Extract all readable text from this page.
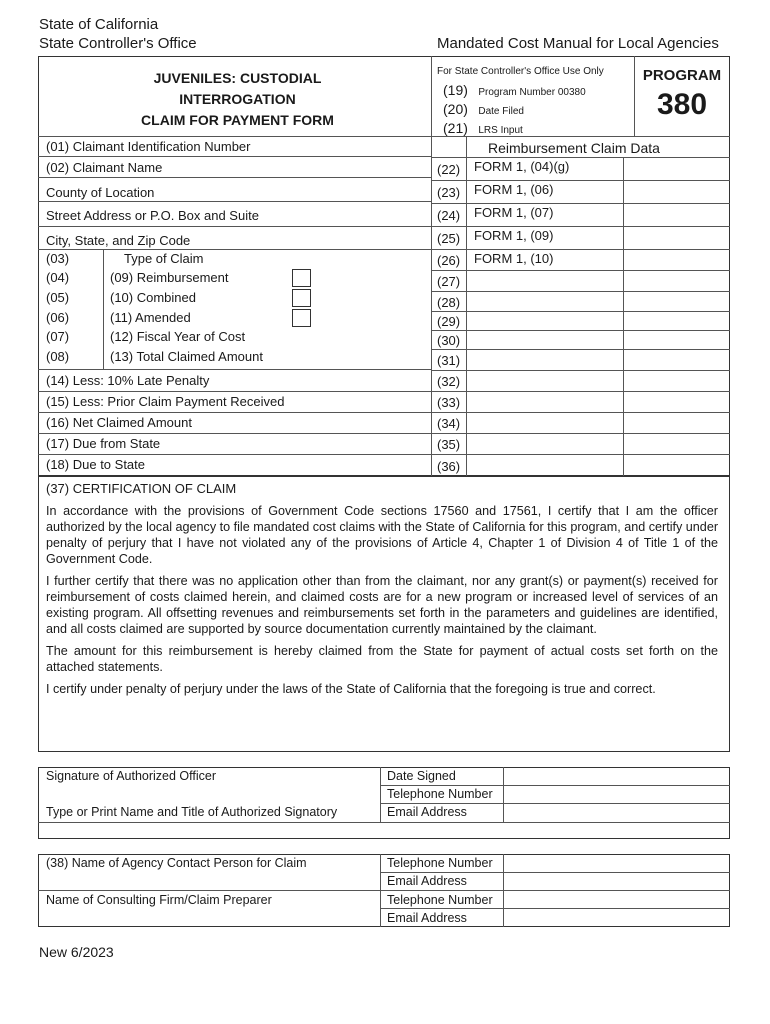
State of California
State Controller's Office	Mandated Cost Manual for Local Agencies
JUVENILES: CUSTODIAL
INTERROGATION
CLAIM FOR PAYMENT FORM
For State Controller's Office Use Only
(19) Program Number 00380
(20) Date Filed
(21) LRS Input
PROGRAM
380
Reimbursement Claim Data
(22) FORM 1, (04)(g)
(23) FORM 1, (06)
(24) FORM 1, (07)
(25) FORM 1, (09)
(26) FORM 1, (10)
(27)
(28)
(29)
(30)
(31)
(32)
(33)
(34)
(35)
(36)
(01) Claimant Identification Number
(02) Claimant Name
County of Location
Street Address or P.O. Box and Suite
City, State, and Zip Code
(03)	Type of Claim
(04)	(09) Reimbursement
(05)	(10) Combined
(06)	(11) Amended
(07)	(12) Fiscal Year of Cost
(08)	(13) Total Claimed Amount
(14) Less: 10% Late Penalty
(15) Less: Prior Claim Payment Received
(16) Net Claimed Amount
(17) Due from State
(18) Due to State
(37) CERTIFICATION OF CLAIM

In accordance with the provisions of Government Code sections 17560 and 17561, I certify that I am the officer authorized by the local agency to file mandated cost claims with the State of California for this program, and certify under penalty of perjury that I have not violated any of the provisions of Article 4, Chapter 1 of Division 4 of Title 1 of the Government Code.

I further certify that there was no application other than from the claimant, nor any grant(s) or payment(s) received for reimbursement of costs claimed herein, and claimed costs are for a new program or increased level of services of an existing program. All offsetting revenues and reimbursements set forth in the parameters and guidelines are identified, and all costs claimed are supported by source documentation currently maintained by the claimant.

The amount for this reimbursement is hereby claimed from the State for payment of actual costs set forth on the attached statements.

I certify under penalty of perjury under the laws of the State of California that the foregoing is true and correct.

Signature of Authorized Officer	Date Signed
Telephone Number
Type or Print Name and Title of Authorized Signatory	Email Address
(38) Name of Agency Contact Person for Claim	Telephone Number
Email Address
Name of Consulting Firm/Claim Preparer	Telephone Number
Email Address
New 6/2023
